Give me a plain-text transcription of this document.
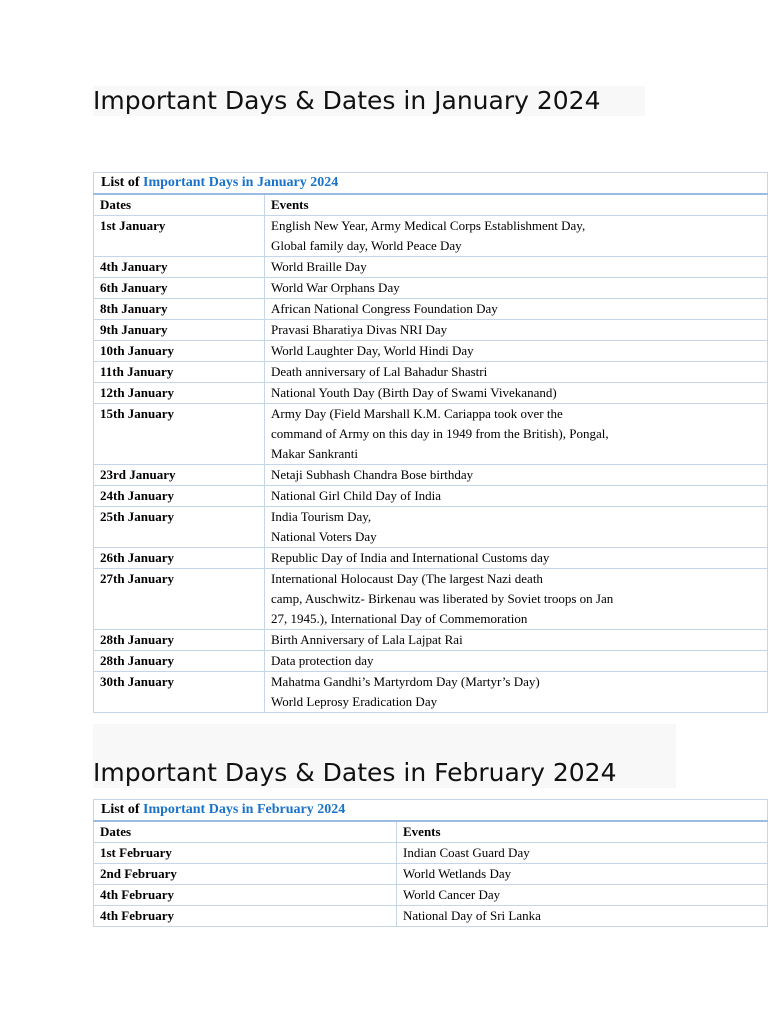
Important Days & Dates in January 2024
List of Important Days in January 2024	
Dates	Events
1st January	English New Year, Army Medical Corps Establishment Day,
Global family day, World Peace Day

4th January	World Braille Day

6th January	World War Orphans Day

8th January	African National Congress Foundation Day

9th January	Pravasi Bharatiya Divas NRI Day

10th January	World Laughter Day, World Hindi Day

11th January	Death anniversary of Lal Bahadur Shastri

12th January	National Youth Day (Birth Day of Swami Vivekanand)

15th January	Army Day (Field Marshall K.M. Cariappa took over the
command of Army on this day in 1949 from the British), Pongal,
Makar Sankranti

23rd January	Netaji Subhash Chandra Bose birthday

24th January	National Girl Child Day of India

25th January	India Tourism Day,
National Voters Day

26th January	Republic Day of India and International Customs day

27th January	International Holocaust Day (The largest Nazi death
camp, Auschwitz- Birkenau was liberated by Soviet troops on Jan
27, 1945.), International Day of Commemoration

28th January	Birth Anniversary of Lala Lajpat Rai

28th January	Data protection day

30th January	Mahatma Gandhi’s Martyrdom Day (Martyr’s Day)
World Leprosy Eradication Day
Important Days & Dates in February 2024
List of Important Days in February 2024	
Dates	Events
1st February	Indian Coast Guard Day

2nd February	World Wetlands Day

4th February	World Cancer Day

4th February	National Day of Sri Lanka
